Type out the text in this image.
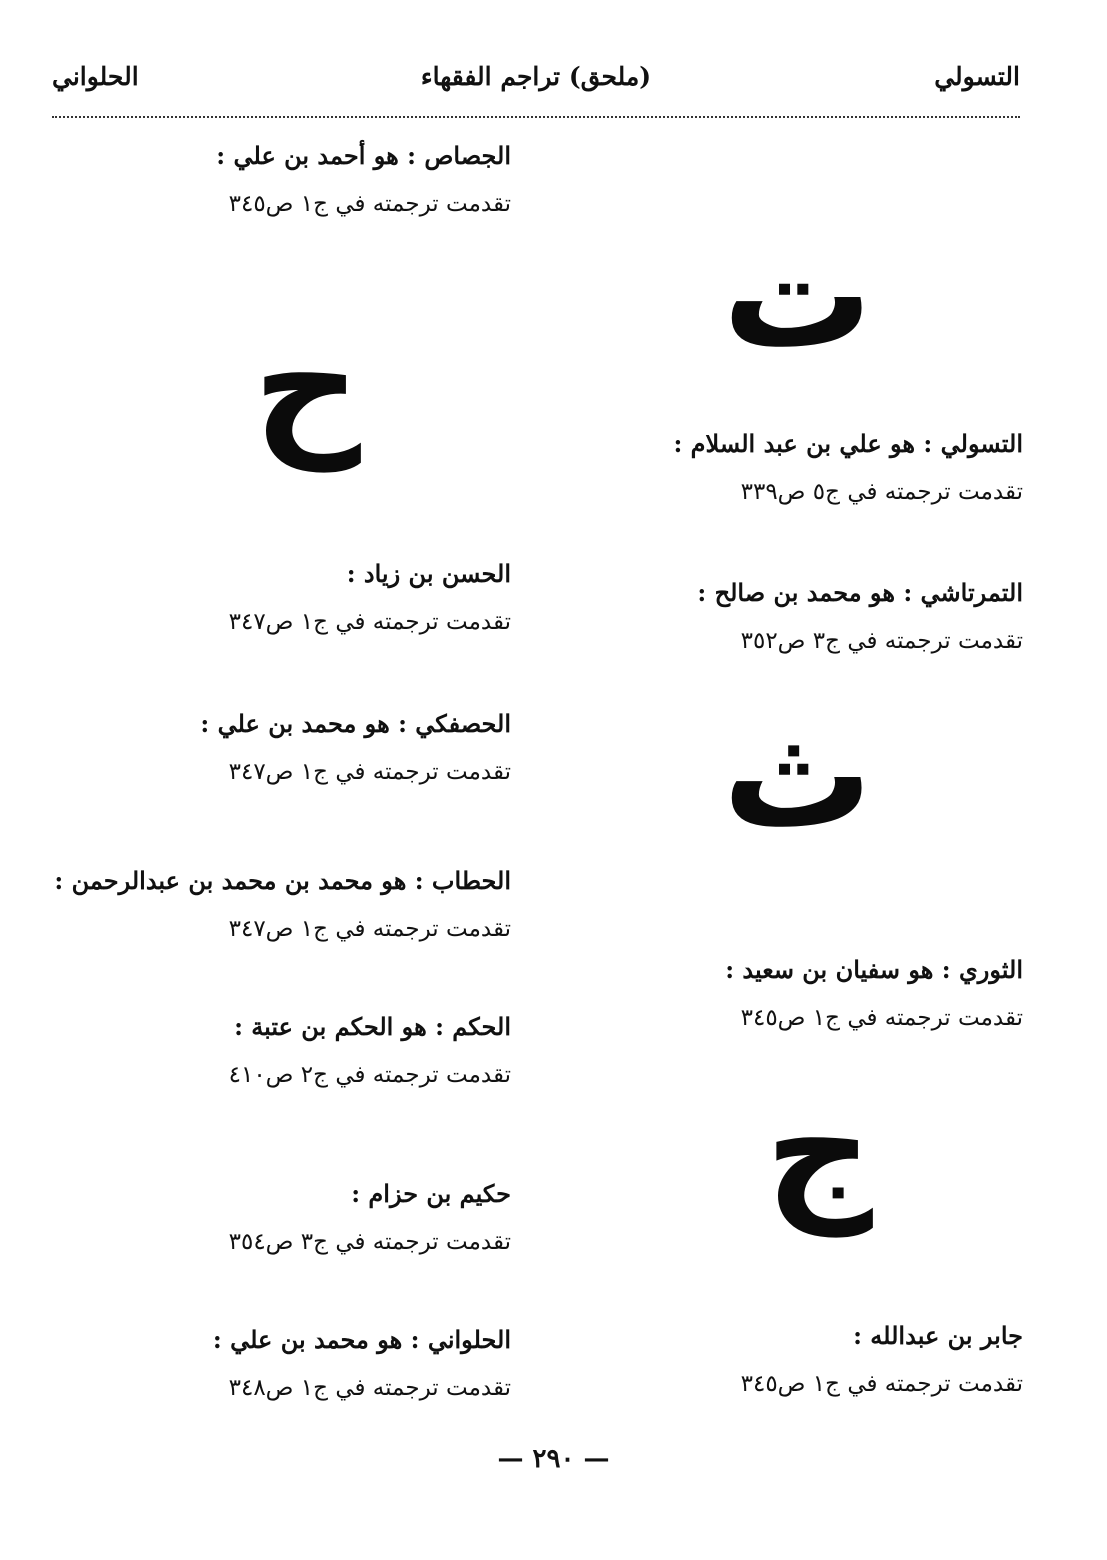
التسولي
(ملحق) تراجم الفقهاء
الحلواني
ت
التسولي : هو علي بن عبد السلام :
تقدمت ترجمته في ج٥ ص٣٣٩
التمرتاشي : هو محمد بن صالح :
تقدمت ترجمته في ج٣ ص٣٥٢
ث
الثوري : هو سفيان بن سعيد :
تقدمت ترجمته في ج١ ص٣٤٥
ج
جابر بن عبدالله :
تقدمت ترجمته في ج١ ص٣٤٥
الجصاص : هو أحمد بن علي :
تقدمت ترجمته في ج١ ص٣٤٥
ح
الحسن بن زياد :
تقدمت ترجمته في ج١ ص٣٤٧
الحصفكي : هو محمد بن علي :
تقدمت ترجمته في ج١ ص٣٤٧
الحطاب : هو محمد بن محمد بن عبدالرحمن :
تقدمت ترجمته في ج١ ص٣٤٧
الحكم : هو الحكم بن عتبة :
تقدمت ترجمته في ج٢ ص٤١٠
حكيم بن حزام :
تقدمت ترجمته في ج٣ ص٣٥٤
الحلواني : هو محمد بن علي :
تقدمت ترجمته في ج١ ص٣٤٨
— ٢٩٠ —
